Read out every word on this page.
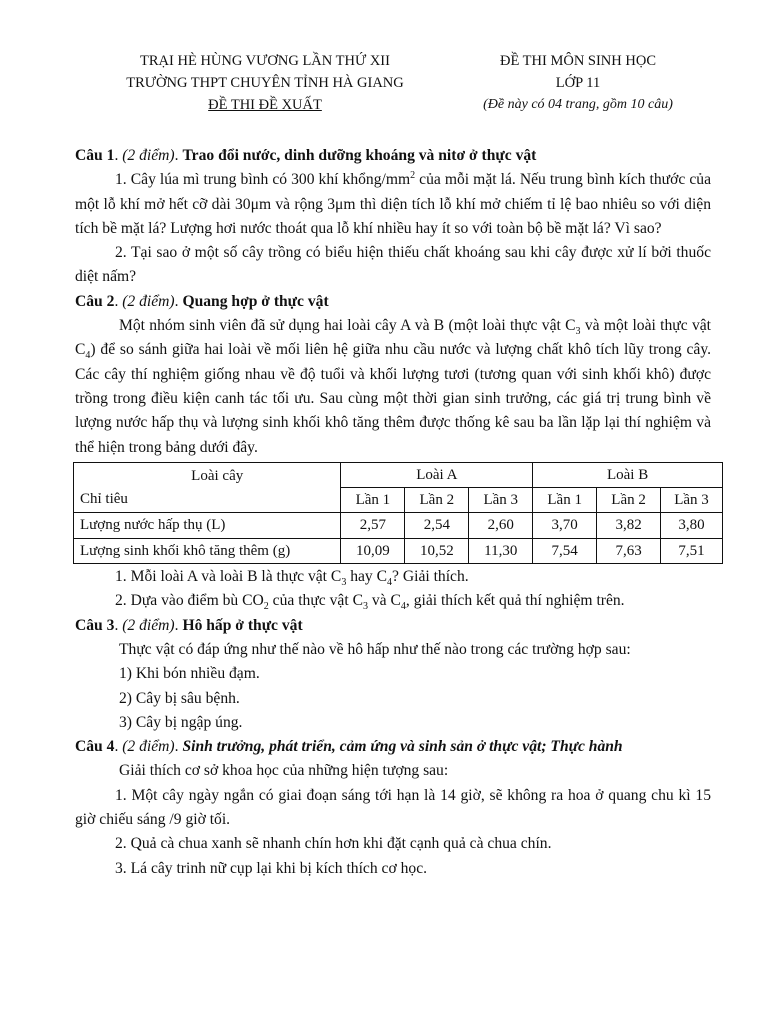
TRẠI HÈ HÙNG VƯƠNG LẦN THỨ XII
TRƯỜNG THPT CHUYÊN TỈNH HÀ GIANG
ĐỀ THI ĐỀ XUẤT
ĐỀ THI MÔN SINH HỌC
LỚP 11
(Đề này có 04 trang, gồm 10 câu)

Câu 1. (2 điểm). Trao đổi nước, dinh dưỡng khoáng và nitơ ở thực vật

1. Cây lúa mì trung bình có 300 khí khổng/$mm^2$ của mỗi mặt lá. Nếu trung bình kích thước của một lỗ khí mở hết cỡ dài 30μm và rộng 3μm thì diện tích lỗ khí mở chiếm tỉ lệ bao nhiêu so với diện tích bề mặt lá? Lượng hơi nước thoát qua lỗ khí nhiều hay ít so với toàn bộ bề mặt lá? Vì sao?

2. Tại sao ở một số cây trồng có biểu hiện thiếu chất khoáng sau khi cây được xử lí bởi thuốc diệt nấm?

Câu 2. (2 điểm). Quang hợp ở thực vật

Một nhóm sinh viên đã sử dụng hai loài cây A và B (một loài thực vật $C_3$ và một loài thực vật $C_4$) để so sánh giữa hai loài về mối liên hệ giữa nhu cầu nước và lượng chất khô tích lũy trong cây. Các cây thí nghiệm giống nhau về độ tuổi và khối lượng tươi (tương quan với sinh khối khô) được trồng trong điều kiện canh tác tối ưu. Sau cùng một thời gian sinh trưởng, các giá trị trung bình về lượng nước hấp thụ và lượng sinh khối khô tăng thêm được thống kê sau ba lần lặp lại thí nghiệm và thể hiện trong bảng dưới đây.

Loài cây
Chỉ tiêu	Loài A			Loài B		
	Lần 1	Lần 2	Lần 3	Lần 1	Lần 2	Lần 3
Lượng nước hấp thụ (L)	2,57	2,54	2,60	3,70	3,82	3,80
Lượng sinh khối khô tăng thêm (g)	10,09	10,52	11,30	7,54	7,63	7,51

1. Mỗi loài A và loài B là thực vật $C_3$ hay $C_4$? Giải thích.

2. Dựa vào điểm bù $CO_2$ của thực vật $C_3$ và $C_4$, giải thích kết quả thí nghiệm trên.

Câu 3. (2 điểm). Hô hấp ở thực vật

Thực vật có đáp ứng như thế nào về hô hấp như thế nào trong các trường hợp sau:

1) Khi bón nhiều đạm.

2) Cây bị sâu bệnh.

3) Cây bị ngập úng.

Câu 4. (2 điểm). Sinh trưởng, phát triển, cảm ứng và sinh sản ở thực vật; Thực hành

Giải thích cơ sở khoa học của những hiện tượng sau:

1. Một cây ngày ngắn có giai đoạn sáng tới hạn là 14 giờ, sẽ không ra hoa ở quang chu kì 15 giờ chiếu sáng /9 giờ tối.

2. Quả cà chua xanh sẽ nhanh chín hơn khi đặt cạnh quả cà chua chín.

3. Lá cây trinh nữ cụp lại khi bị kích thích cơ học.
